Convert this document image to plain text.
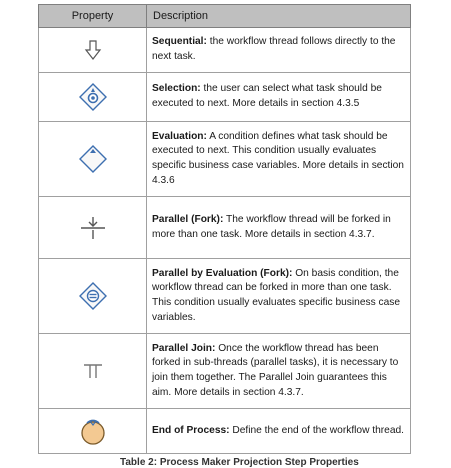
Property	Description
	Sequential: the workflow thread follows directly to the next task.
	Selection: the user can select what task should be executed to next. More details in section 4.3.5
	Evaluation: A condition defines what task should be executed to next. This condition usually evaluates specific business case variables. More details in section 4.3.6
	Parallel (Fork): The workflow thread will be forked in more than one task. More details in section 4.3.7.
	Parallel by Evaluation (Fork): On basis condition, the workflow thread can be forked in more than one task. This condition usually evaluates specific business case variables.
	Parallel Join: Once the workflow thread has been forked in sub-threads (parallel tasks), it is necessary to join them together. The Parallel Join guarantees this aim. More details in section 4.3.7.
	End of Process: Define the end of the workflow thread.
Table 2: Process Maker Projection Step Properties
